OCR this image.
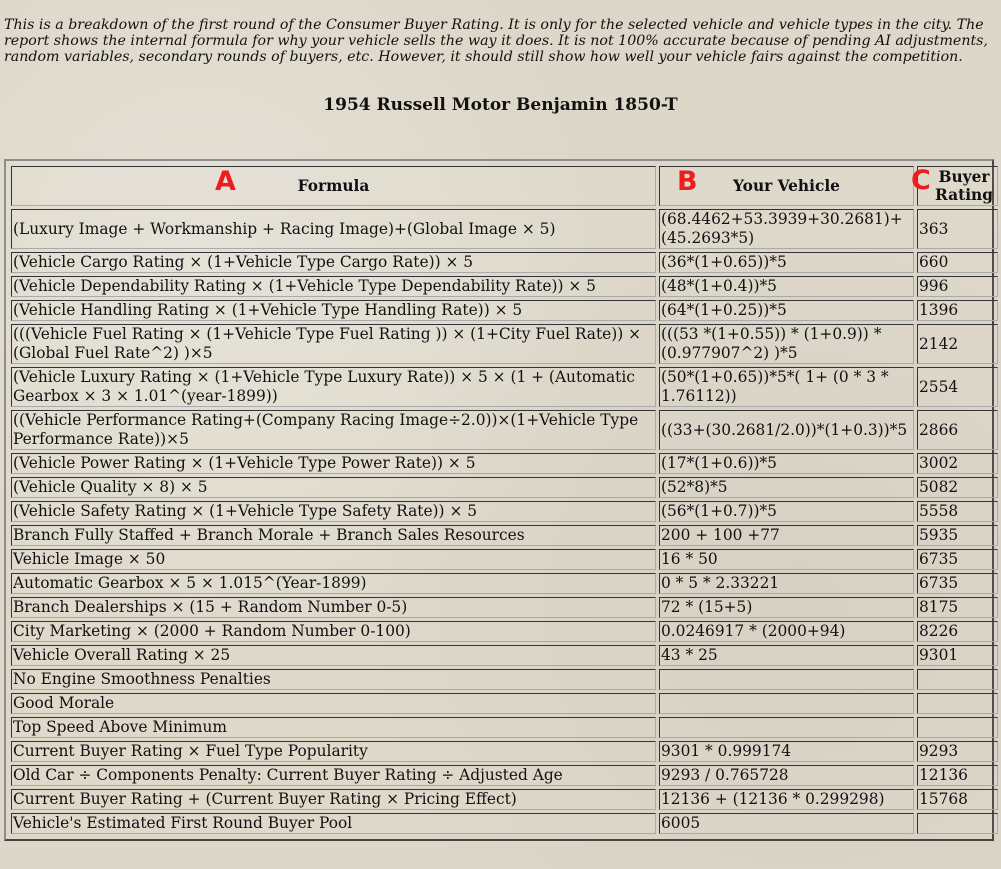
This is a breakdown of the first round of the Consumer Buyer Rating. It is only for the selected vehicle and vehicle types in the city. The report shows the internal formula for why your vehicle sells the way it does. It is not 100% accurate because of pending AI adjustments, random variables, secondary rounds of buyers, etc. However, it should still show how well your vehicle fairs against the competition.

1954 Russell Motor Benjamin 1850-T
A Formula	B Your Vehicle	C Buyer Rating
(Luxury Image + Workmanship + Racing Image)+(Global Image × 5)	(68.4462+53.3939+30.2681)+(45.2693*5)	363
(Vehicle Cargo Rating × (1+Vehicle Type Cargo Rate)) × 5	(36*(1+0.65))*5	660
(Vehicle Dependability Rating × (1+Vehicle Type Dependability Rate)) × 5	(48*(1+0.4))*5	996
(Vehicle Handling Rating × (1+Vehicle Type Handling Rate)) × 5	(64*(1+0.25))*5	1396
(((Vehicle Fuel Rating × (1+Vehicle Type Fuel Rating )) × (1+City Fuel Rate)) × (Global Fuel Rate^2) )×5	(((53 *(1+0.55)) * (1+0.9)) * (0.977907^2) )*5	2142
(Vehicle Luxury Rating × (1+Vehicle Type Luxury Rate)) × 5 × (1 + (Automatic Gearbox × 3 × 1.01^(year-1899))	(50*(1+0.65))*5*( 1+ (0 * 3 * 1.76112))	2554
((Vehicle Performance Rating+(Company Racing Image÷2.0))×(1+Vehicle Type Performance Rate))×5	((33+(30.2681/2.0))*(1+0.3))*5	2866
(Vehicle Power Rating × (1+Vehicle Type Power Rate)) × 5	(17*(1+0.6))*5	3002
(Vehicle Quality × 8) × 5	(52*8)*5	5082
(Vehicle Safety Rating × (1+Vehicle Type Safety Rate)) × 5	(56*(1+0.7))*5	5558
Branch Fully Staffed + Branch Morale + Branch Sales Resources	200 + 100 +77	5935
Vehicle Image × 50	16 * 50	6735
Automatic Gearbox × 5 × 1.015^(Year-1899)	0 * 5 * 2.33221	6735
Branch Dealerships × (15 + Random Number 0-5)	72 * (15+5)	8175
City Marketing × (2000 + Random Number 0-100)	0.0246917 * (2000+94)	8226
Vehicle Overall Rating × 25	43 * 25	9301
No Engine Smoothness Penalties		
Good Morale		
Top Speed Above Minimum		
Current Buyer Rating × Fuel Type Popularity	9301 * 0.999174	9293
Old Car ÷ Components Penalty: Current Buyer Rating ÷ Adjusted Age	9293 / 0.765728	12136
Current Buyer Rating + (Current Buyer Rating × Pricing Effect)	12136 + (12136 * 0.299298)	15768
Vehicle's Estimated First Round Buyer Pool	6005	
